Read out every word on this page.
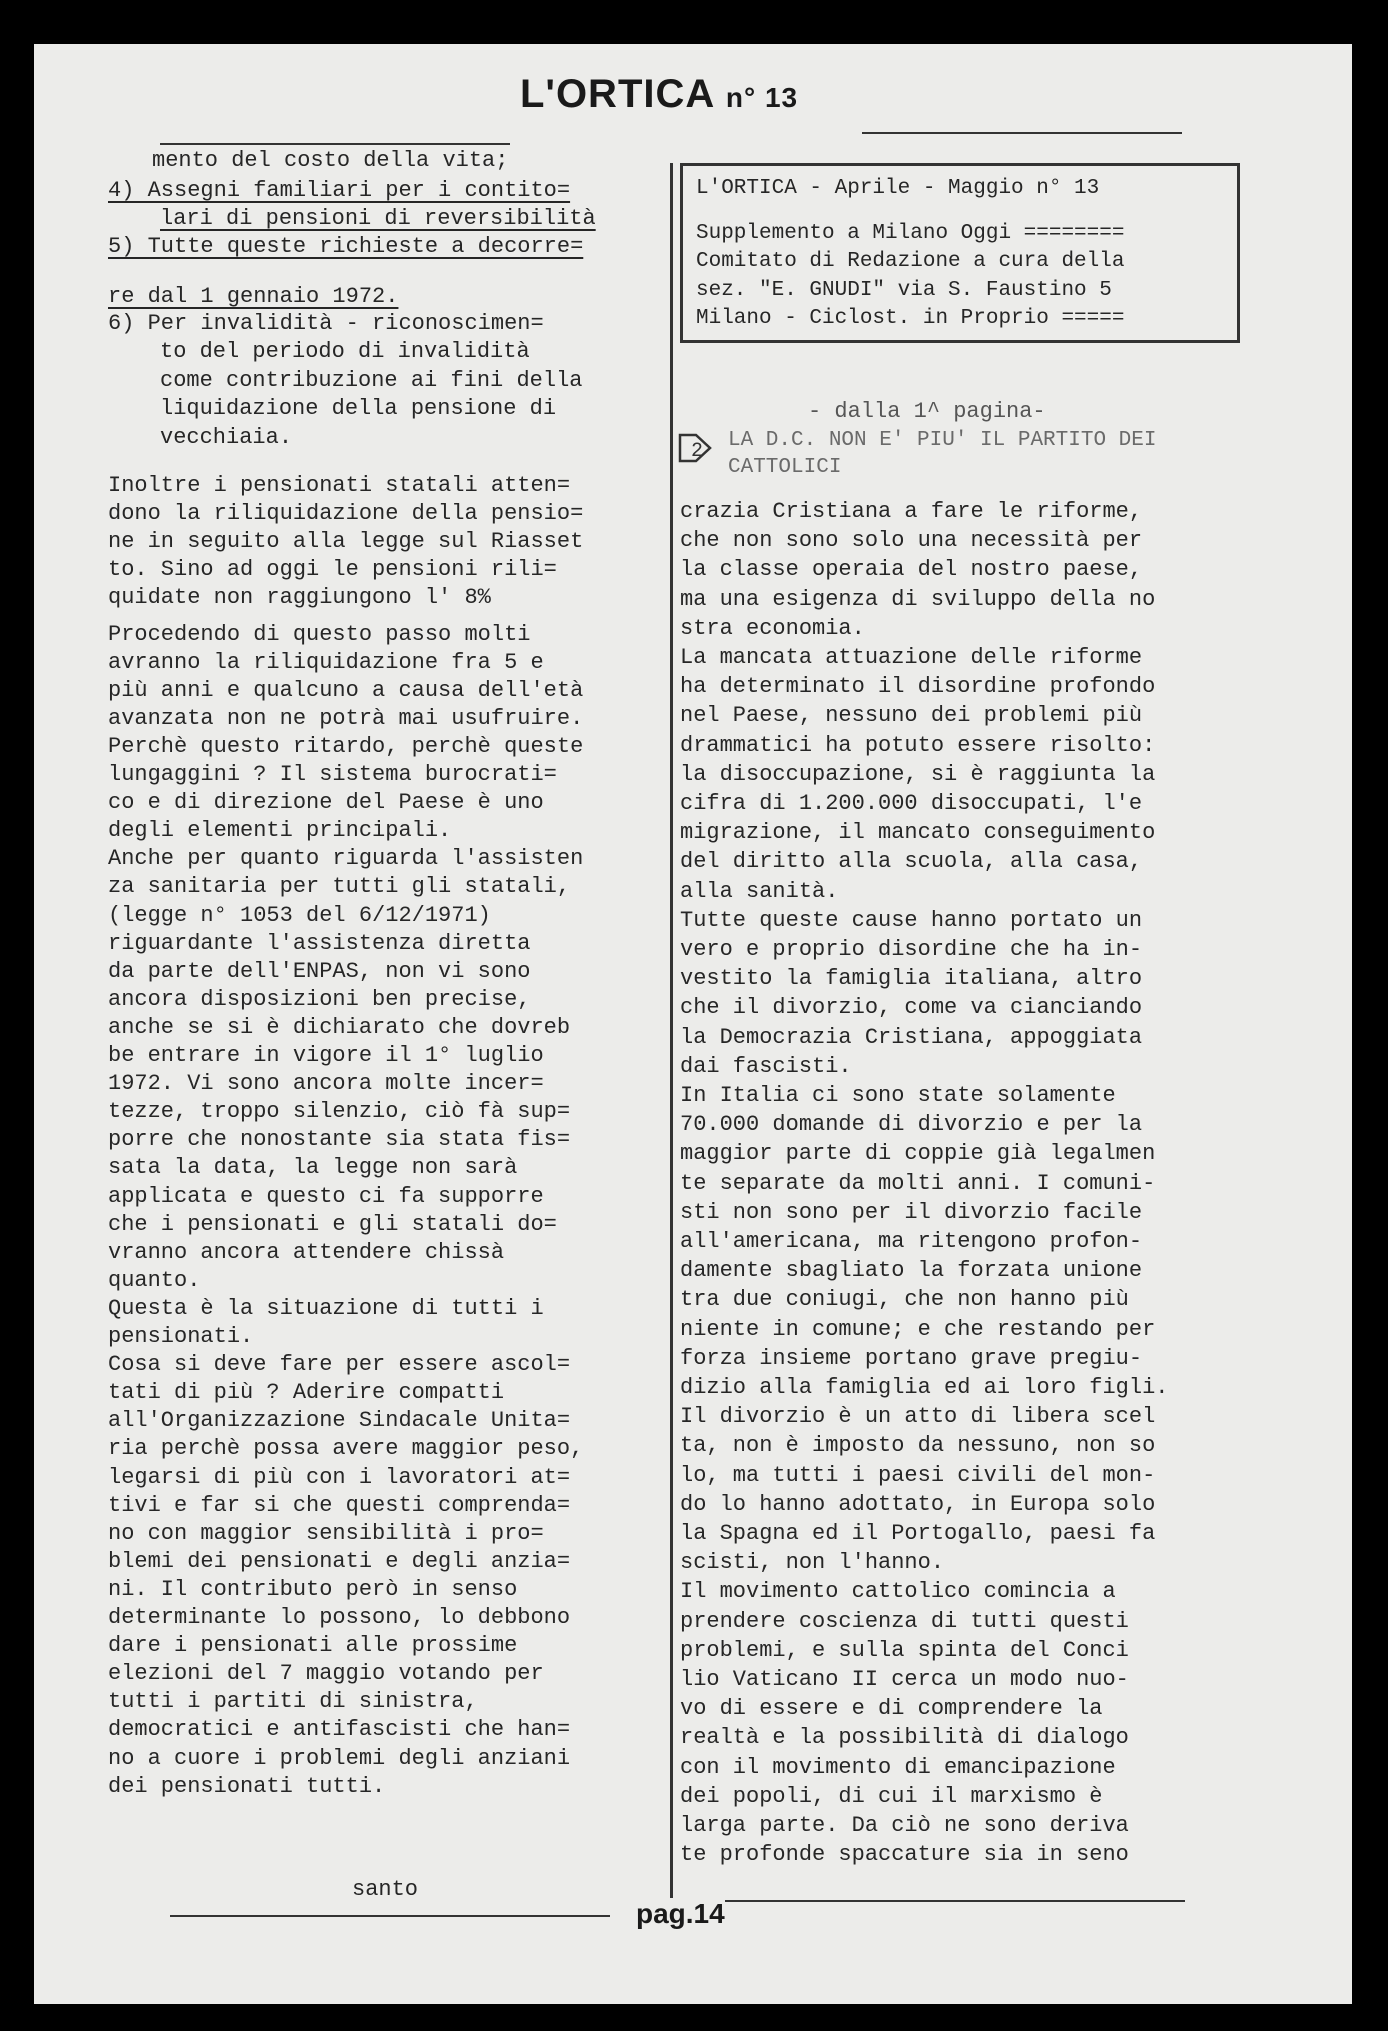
L'ORTICA n° 13
2
pag.14
L'ORTICA - Aprile - Maggio n° 13
Supplemento a Milano Oggi ========
Comitato di Redazione a cura della
sez. "E. GNUDI" via S. Faustino 5
Milano - Ciclost. in Proprio =====
mento del costo della vita;
4) Assegni familiari per i contito=
lari di pensioni di reversibilità
5) Tutte queste richieste a decorre=
re dal 1 gennaio 1972.
6) Per invalidità - riconoscimen=
to del periodo di invalidità
come contribuzione ai fini della
liquidazione della pensione di
vecchiaia.
Inoltre i pensionati statali atten=
dono la riliquidazione della pensio=
ne in seguito alla legge sul Riasset
to. Sino ad oggi le pensioni rili=
quidate non raggiungono l' 8%
Procedendo di questo passo molti
avranno la riliquidazione fra 5 e
più anni e qualcuno a causa dell'età
avanzata non ne potrà mai usufruire.
Perchè questo ritardo, perchè queste
lungaggini ? Il sistema burocrati=
co e di direzione del Paese è uno
degli elementi principali.
Anche per quanto riguarda l'assisten
za sanitaria per tutti gli statali,
(legge n° 1053 del 6/12/1971)
riguardante l'assistenza diretta
da parte dell'ENPAS, non vi sono
ancora disposizioni ben precise,
anche se si è dichiarato che dovreb
be entrare in vigore il 1° luglio
1972. Vi sono ancora molte incer=
tezze, troppo silenzio, ciò fà sup=
porre che nonostante sia stata fis=
sata la data, la legge non sarà
applicata e questo ci fa supporre
che i pensionati e gli statali do=
vranno ancora attendere chissà
quanto.
Questa è la situazione di tutti i
pensionati.
Cosa si deve fare per essere ascol=
tati di più ? Aderire compatti
all'Organizzazione Sindacale Unita=
ria perchè possa avere maggior peso,
legarsi di più con i lavoratori at=
tivi e far si che questi comprenda=
no con maggior sensibilità i pro=
blemi dei pensionati e degli anzia=
ni. Il contributo però in senso
determinante lo possono, lo debbono
dare i pensionati alle prossime
elezioni del 7 maggio votando per
tutti i partiti di sinistra,
democratici e antifascisti che han=
no a cuore i problemi degli anziani
dei pensionati tutti.
santo
- dalla 1^ pagina-
LA D.C. NON E' PIU' IL PARTITO DEI
CATTOLICI
crazia Cristiana a fare le riforme,
che non sono solo una necessità per
la classe operaia del nostro paese,
ma una esigenza di sviluppo della no
stra economia.
La mancata attuazione delle riforme
ha determinato il disordine profondo
nel Paese, nessuno dei problemi più
drammatici ha potuto essere risolto:
la disoccupazione, si è raggiunta la
cifra di 1.200.000 disoccupati, l'e
migrazione, il mancato conseguimento
del diritto alla scuola, alla casa,
alla sanità.
Tutte queste cause hanno portato un
vero e proprio disordine che ha in-
vestito la famiglia italiana, altro
che il divorzio, come va cianciando
la Democrazia Cristiana, appoggiata
dai fascisti.
In Italia ci sono state solamente
70.000 domande di divorzio e per la
maggior parte di coppie già legalmen
te separate da molti anni. I comuni-
sti non sono per il divorzio facile
all'americana, ma ritengono profon-
damente sbagliato la forzata unione
tra due coniugi, che non hanno più
niente in comune; e che restando per
forza insieme portano grave pregiu-
dizio alla famiglia ed ai loro figli.
Il divorzio è un atto di libera scel
ta, non è imposto da nessuno, non so
lo, ma tutti i paesi civili del mon-
do lo hanno adottato, in Europa solo
la Spagna ed il Portogallo, paesi fa
scisti, non l'hanno.
Il movimento cattolico comincia a
prendere coscienza di tutti questi
problemi, e sulla spinta del Conci
lio Vaticano II cerca un modo nuo-
vo di essere e di comprendere la
realtà e la possibilità di dialogo
con il movimento di emancipazione
dei popoli, di cui il marxismo è
larga parte. Da ciò ne sono deriva
te profonde spaccature sia in seno
